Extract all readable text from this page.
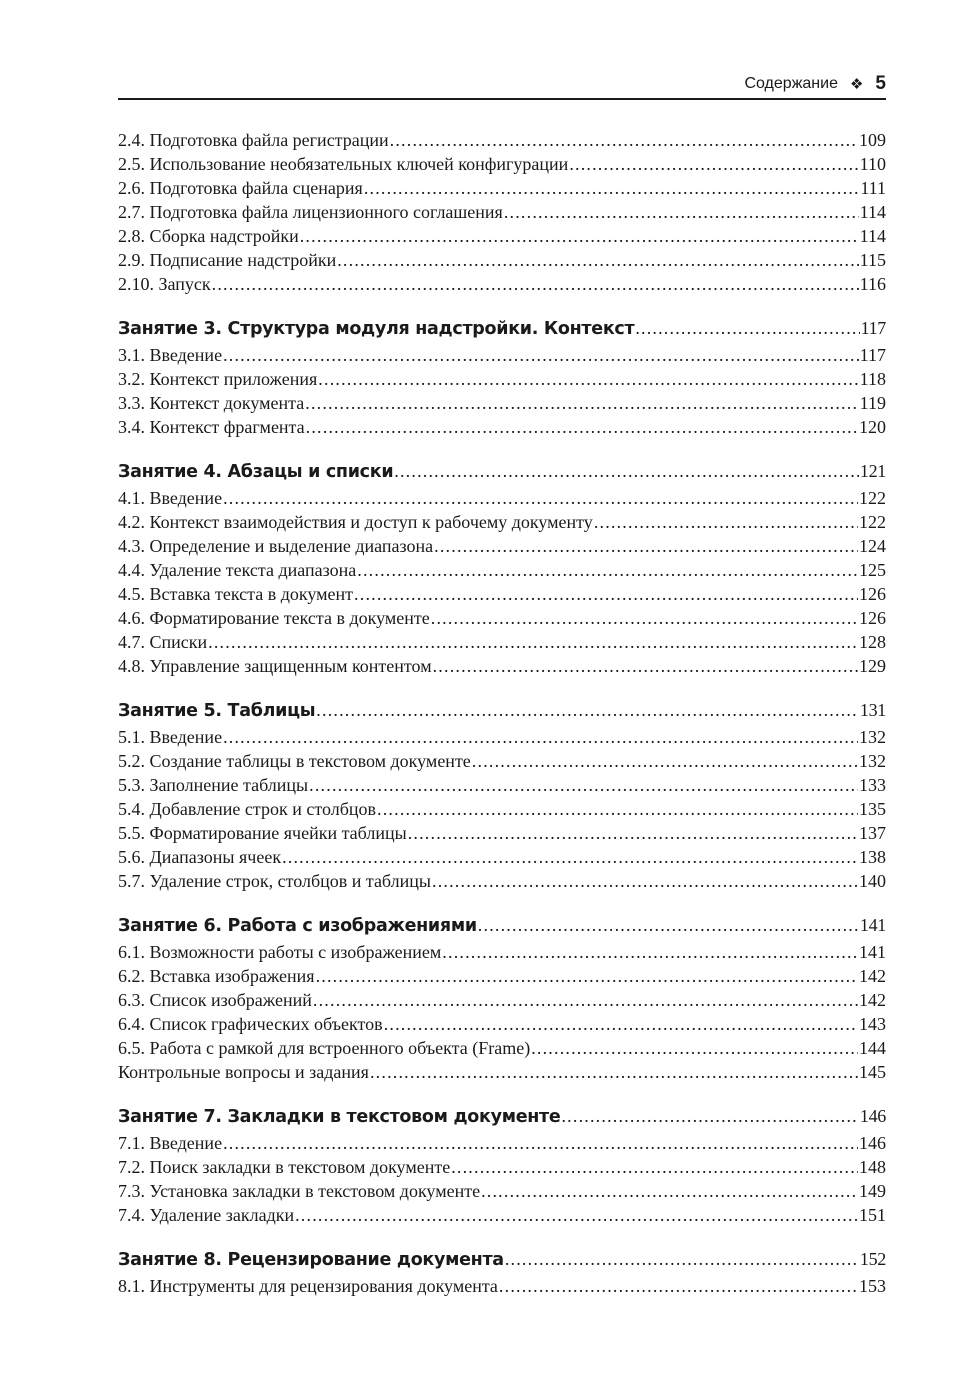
Содержание ❖ 5
2.4. Подготовка файла регистрации .....	109
2.5. Использование необязательных ключей конфигурации .....	110
2.6. Подготовка файла сценария .....	111
2.7. Подготовка файла лицензионного соглашения .....	114
2.8. Сборка надстройки .....	114
2.9. Подписание надстройки .....	115
2.10. Запуск .....	116
Занятие 3. Структура модуля надстройки. Контекст .....	117
3.1. Введение .....	117
3.2. Контекст приложения .....	118
3.3. Контекст документа .....	119
3.4. Контекст фрагмента .....	120
Занятие 4. Абзацы и списки .....	121
4.1. Введение .....	122
4.2. Контекст взаимодействия и доступ к рабочему документу .....	122
4.3. Определение и выделение диапазона .....	124
4.4. Удаление текста диапазона .....	125
4.5. Вставка текста в документ .....	126
4.6. Форматирование текста в документе .....	126
4.7. Списки .....	128
4.8. Управление защищенным контентом .....	129
Занятие 5. Таблицы .....	131
5.1. Введение .....	132
5.2. Создание таблицы в текстовом документе .....	132
5.3. Заполнение таблицы .....	133
5.4. Добавление строк и столбцов .....	135
5.5. Форматирование ячейки таблицы .....	137
5.6. Диапазоны ячеек .....	138
5.7. Удаление строк, столбцов и таблицы .....	140
Занятие 6. Работа с изображениями .....	141
6.1. Возможности работы с изображением .....	141
6.2. Вставка изображения .....	142
6.3. Список изображений .....	142
6.4. Список графических объектов .....	143
6.5. Работа с рамкой для встроенного объекта (Frame) .....	144
Контрольные вопросы и задания .....	145
Занятие 7. Закладки в текстовом документе .....	146
7.1. Введение .....	146
7.2. Поиск закладки в текстовом документе .....	148
7.3. Установка закладки в текстовом документе .....	149
7.4. Удаление закладки .....	151
Занятие 8. Рецензирование документа .....	152
8.1. Инструменты для рецензирования документа .....	153
